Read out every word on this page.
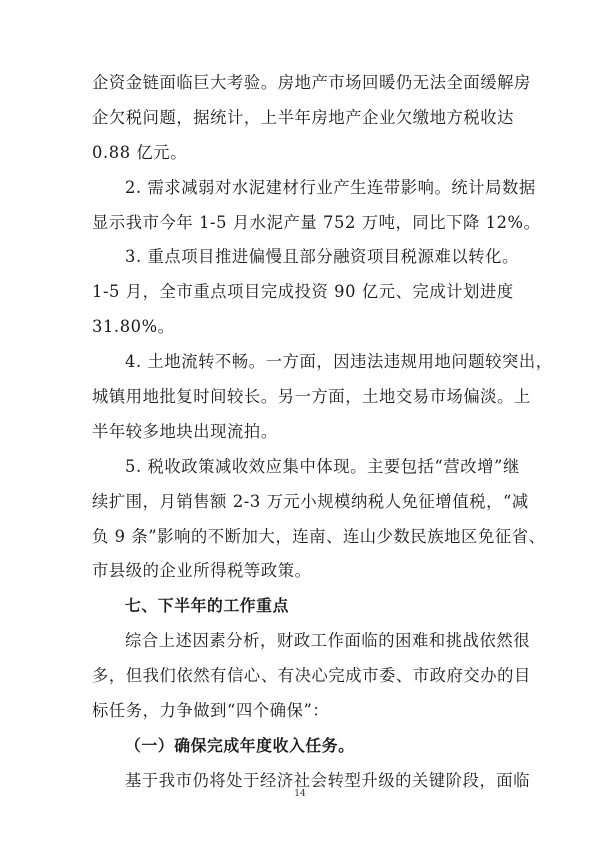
企资金链面临巨大考验。房地产市场回暖仍无法全面缓解房
企欠税问题，据统计，上半年房地产企业欠缴地方税收达
0.88 亿元。
2. 需求减弱对水泥建材行业产生连带影响。统计局数据
显示我市今年 1-5 月水泥产量 752 万吨，同比下降 12%。
3. 重点项目推进偏慢且部分融资项目税源难以转化。
1-5 月，全市重点项目完成投资 90 亿元、完成计划进度
31.80%。
4. 土地流转不畅。一方面，因违法违规用地问题较突出，
城镇用地批复时间较长。另一方面，土地交易市场偏淡。上
半年较多地块出现流拍。
5. 税收政策减收效应集中体现。主要包括“营改增”继
续扩围，月销售额 2-3 万元小规模纳税人免征增值税，“减
负 9 条”影响的不断加大，连南、连山少数民族地区免征省、
市县级的企业所得税等政策。
七、下半年的工作重点
综合上述因素分析，财政工作面临的困难和挑战依然很
多，但我们依然有信心、有决心完成市委、市政府交办的目
标任务，力争做到“四个确保”：
（一）确保完成年度收入任务。
基于我市仍将处于经济社会转型升级的关键阶段，面临
14
